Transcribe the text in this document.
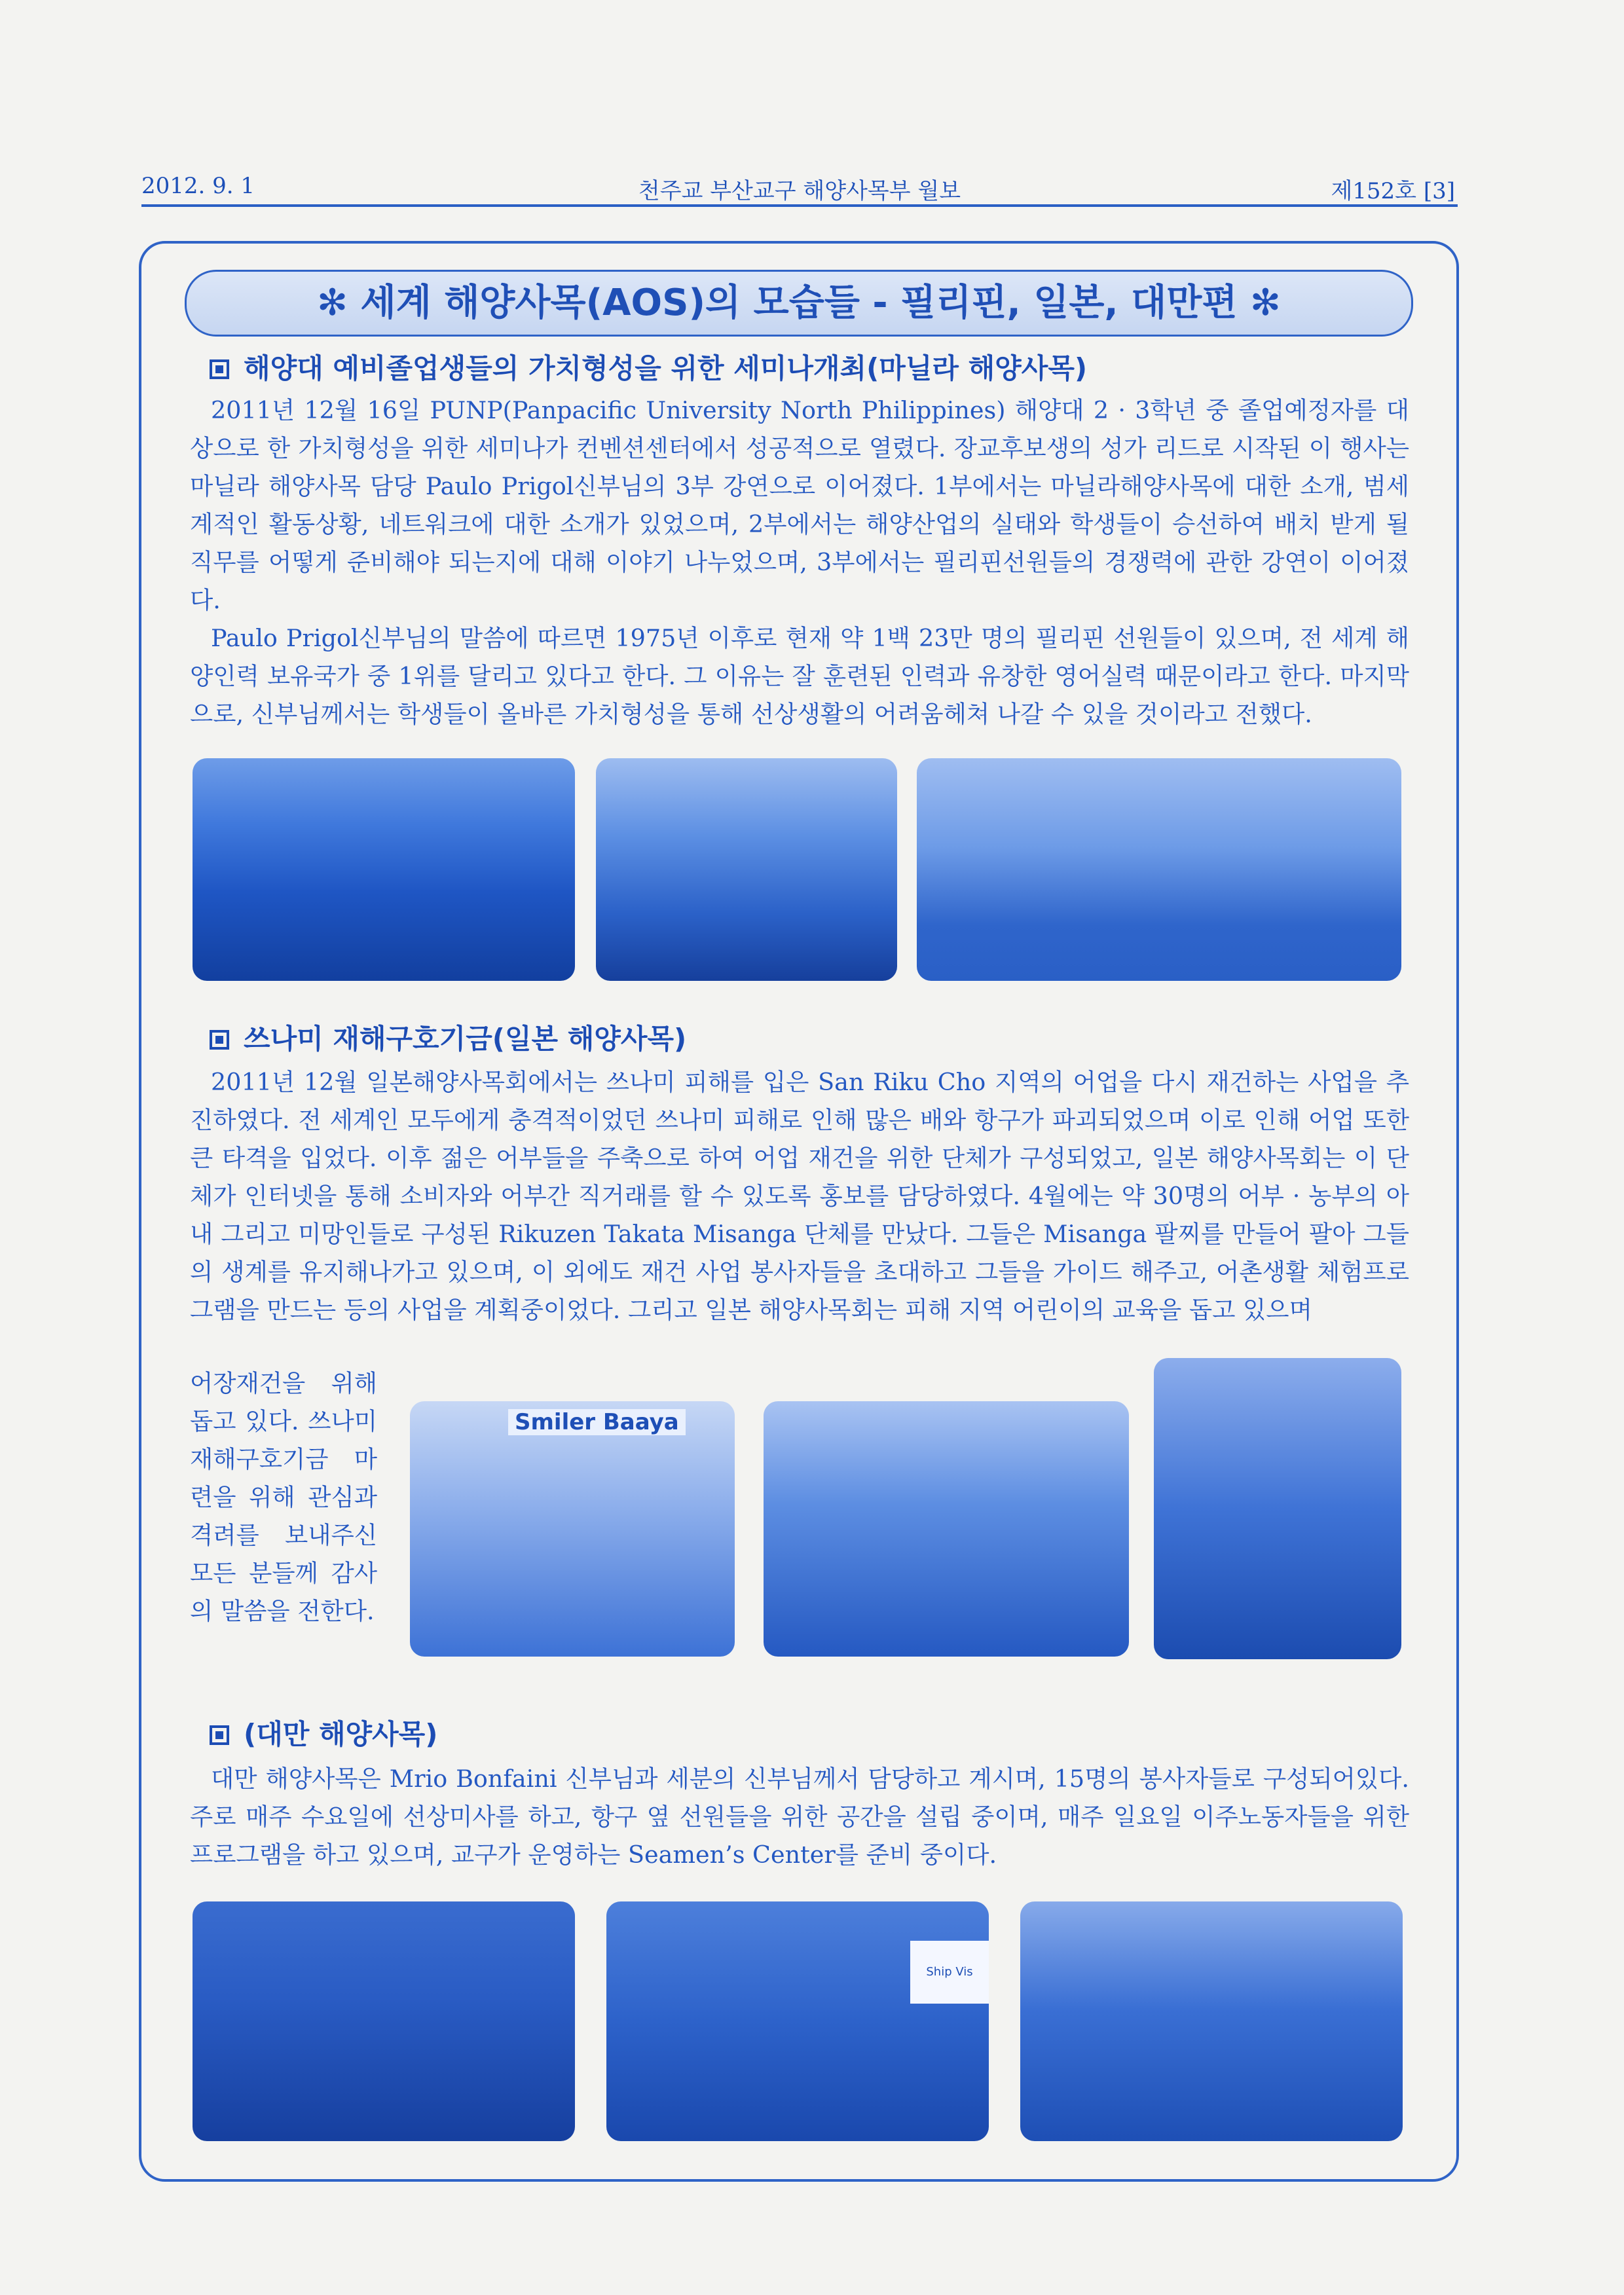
2012. 9. 1	천주교 부산교구 해양사목부 월보	제152호 [3]
✻ 세계 해양사목(AOS)의 모습들 - 필리핀, 일본, 대만편 ✻
해양대 예비졸업생들의 가치형성을 위한 세미나개최(마닐라 해양사목)

2011년 12월 16일 PUNP(Panpacific University North Philippines) 해양대 2 · 3학년 중 졸업예정자를 대상으로 한 가치형성을 위한 세미나가 컨벤션센터에서 성공적으로 열렸다. 장교후보생의 성가 리드로 시작된 이 행사는 마닐라 해양사목 담당 Paulo Prigol신부님의 3부 강연으로 이어졌다. 1부에서는 마닐라해양사목에 대한 소개, 범세계적인 활동상황, 네트워크에 대한 소개가 있었으며, 2부에서는 해양산업의 실태와 학생들이 승선하여 배치 받게 될 직무를 어떻게 준비해야 되는지에 대해 이야기 나누었으며, 3부에서는 필리핀선원들의 경쟁력에 관한 강연이 이어졌다.

Paulo Prigol신부님의 말씀에 따르면 1975년 이후로 현재 약 1백 23만 명의 필리핀 선원들이 있으며, 전 세계 해양인력 보유국가 중 1위를 달리고 있다고 한다. 그 이유는 잘 훈련된 인력과 유창한 영어실력 때문이라고 한다. 마지막으로, 신부님께서는 학생들이 올바른 가치형성을 통해 선상생활의 어려움헤쳐 나갈 수 있을 것이라고 전했다.

쓰나미 재해구호기금(일본 해양사목)

2011년 12월 일본해양사목회에서는 쓰나미 피해를 입은 San Riku Cho 지역의 어업을 다시 재건하는 사업을 추진하였다. 전 세계인 모두에게 충격적이었던 쓰나미 피해로 인해 많은 배와 항구가 파괴되었으며 이로 인해 어업 또한 큰 타격을 입었다. 이후 젊은 어부들을 주축으로 하여 어업 재건을 위한 단체가 구성되었고, 일본 해양사목회는 이 단체가 인터넷을 통해 소비자와 어부간 직거래를 할 수 있도록 홍보를 담당하였다. 4월에는 약 30명의 어부 · 농부의 아내 그리고 미망인들로 구성된 Rikuzen Takata Misanga 단체를 만났다. 그들은 Misanga 팔찌를 만들어 팔아 그들의 생계를 유지해나가고 있으며, 이 외에도 재건 사업 봉사자들을 초대하고 그들을 가이드 해주고, 어촌생활 체험프로그램을 만드는 등의 사업을 계획중이었다. 그리고 일본 해양사목회는 피해 지역 어린이의 교육을 돕고 있으며

어장재건을 위해 돕고 있다. 쓰나미 재해구호기금 마련을 위해 관심과 격려를 보내주신 모든 분들께 감사의 말씀을 전한다.
Smiler Baaya
(대만 해양사목)

대만 해양사목은 Mrio Bonfaini 신부님과 세분의 신부님께서 담당하고 계시며, 15명의 봉사자들로 구성되어있다. 주로 매주 수요일에 선상미사를 하고, 항구 옆 선원들을 위한 공간을 설립 중이며, 매주 일요일 이주노동자들을 위한 프로그램을 하고 있으며, 교구가 운영하는 Seamen’s Center를 준비 중이다.

Ship Vis
